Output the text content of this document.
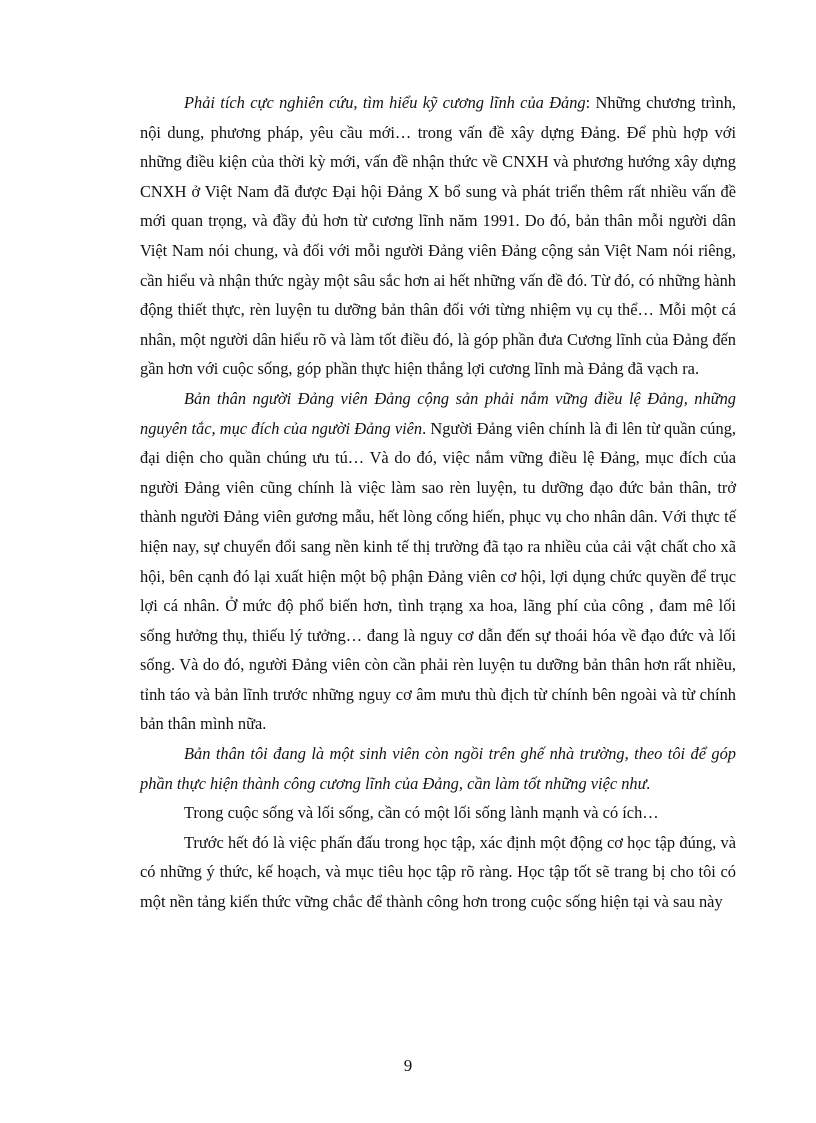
Phải tích cực nghiên cứu, tìm hiểu kỹ cương lĩnh của Đảng: Những chương trình, nội dung, phương pháp, yêu cầu mới… trong vấn đề xây dựng Đảng. Để phù hợp với những điều kiện của thời kỳ mới, vấn đề nhận thức về CNXH và phương hướng xây dựng CNXH ở Việt Nam đã được Đại hội Đảng X bổ sung và phát triển thêm rất nhiều vấn đề mới quan trọng, và đầy đủ hơn từ cương lĩnh năm 1991. Do đó, bản thân mỗi người dân Việt Nam nói chung, và đối với mỗi người Đảng viên Đảng cộng sản Việt Nam nói riêng, cần hiểu và nhận thức ngày một sâu sắc hơn ai hết những vấn đề đó. Từ đó, có những hành động thiết thực, rèn luyện tu dưỡng bản thân đối với từng nhiệm vụ cụ thể… Mỗi một cá nhân, một người dân hiểu rõ và làm tốt điều đó, là góp phần đưa Cương lĩnh của Đảng đến gần hơn với cuộc sống, góp phần thực hiện thắng lợi cương lĩnh mà Đảng đã vạch ra.

Bản thân người Đảng viên Đảng cộng sản phải nắm vững điều lệ Đảng, những nguyên tắc, mục đích của người Đảng viên. Người Đảng viên chính là đi lên từ quần cúng, đại diện cho quần chúng ưu tú… Và do đó, việc nắm vững điều lệ Đảng, mục đích của người Đảng viên cũng chính là việc làm sao rèn luyện, tu dưỡng đạo đức bản thân, trở thành người Đảng viên gương mẫu, hết lòng cống hiến, phục vụ cho nhân dân. Với thực tế hiện nay, sự chuyển đổi sang nền kinh tế thị trường đã tạo ra nhiều của cải vật chất cho xã hội, bên cạnh đó lại xuất hiện một bộ phận Đảng viên cơ hội, lợi dụng chức quyền để trục lợi cá nhân. Ở mức độ phổ biến hơn, tình trạng xa hoa, lãng phí của công , đam mê lối sống hưởng thụ, thiếu lý tưởng… đang là nguy cơ dẫn đến sự thoái hóa về đạo đức và lối sống. Và do đó, người Đảng viên còn cần phải rèn luyện tu dưỡng bản thân hơn rất nhiều, tỉnh táo và bản lĩnh trước những nguy cơ âm mưu thù địch từ chính bên ngoài và từ chính bản thân mình nữa.

Bản thân tôi đang là một sinh viên còn ngồi trên ghế nhà trường, theo tôi để góp phần thực hiện thành công cương lĩnh của Đảng, cần làm tốt những việc như.

Trong cuộc sống và lối sống, cần có một lối sống lành mạnh và có ích…

Trước hết đó là việc phấn đấu trong học tập, xác định một động cơ học tập đúng, và có những ý thức, kế hoạch, và mục tiêu học tập rõ ràng. Học tập tốt sẽ trang bị cho tôi có một nền tảng kiến thức vững chắc để thành công hơn trong cuộc sống hiện tại và sau này

9
